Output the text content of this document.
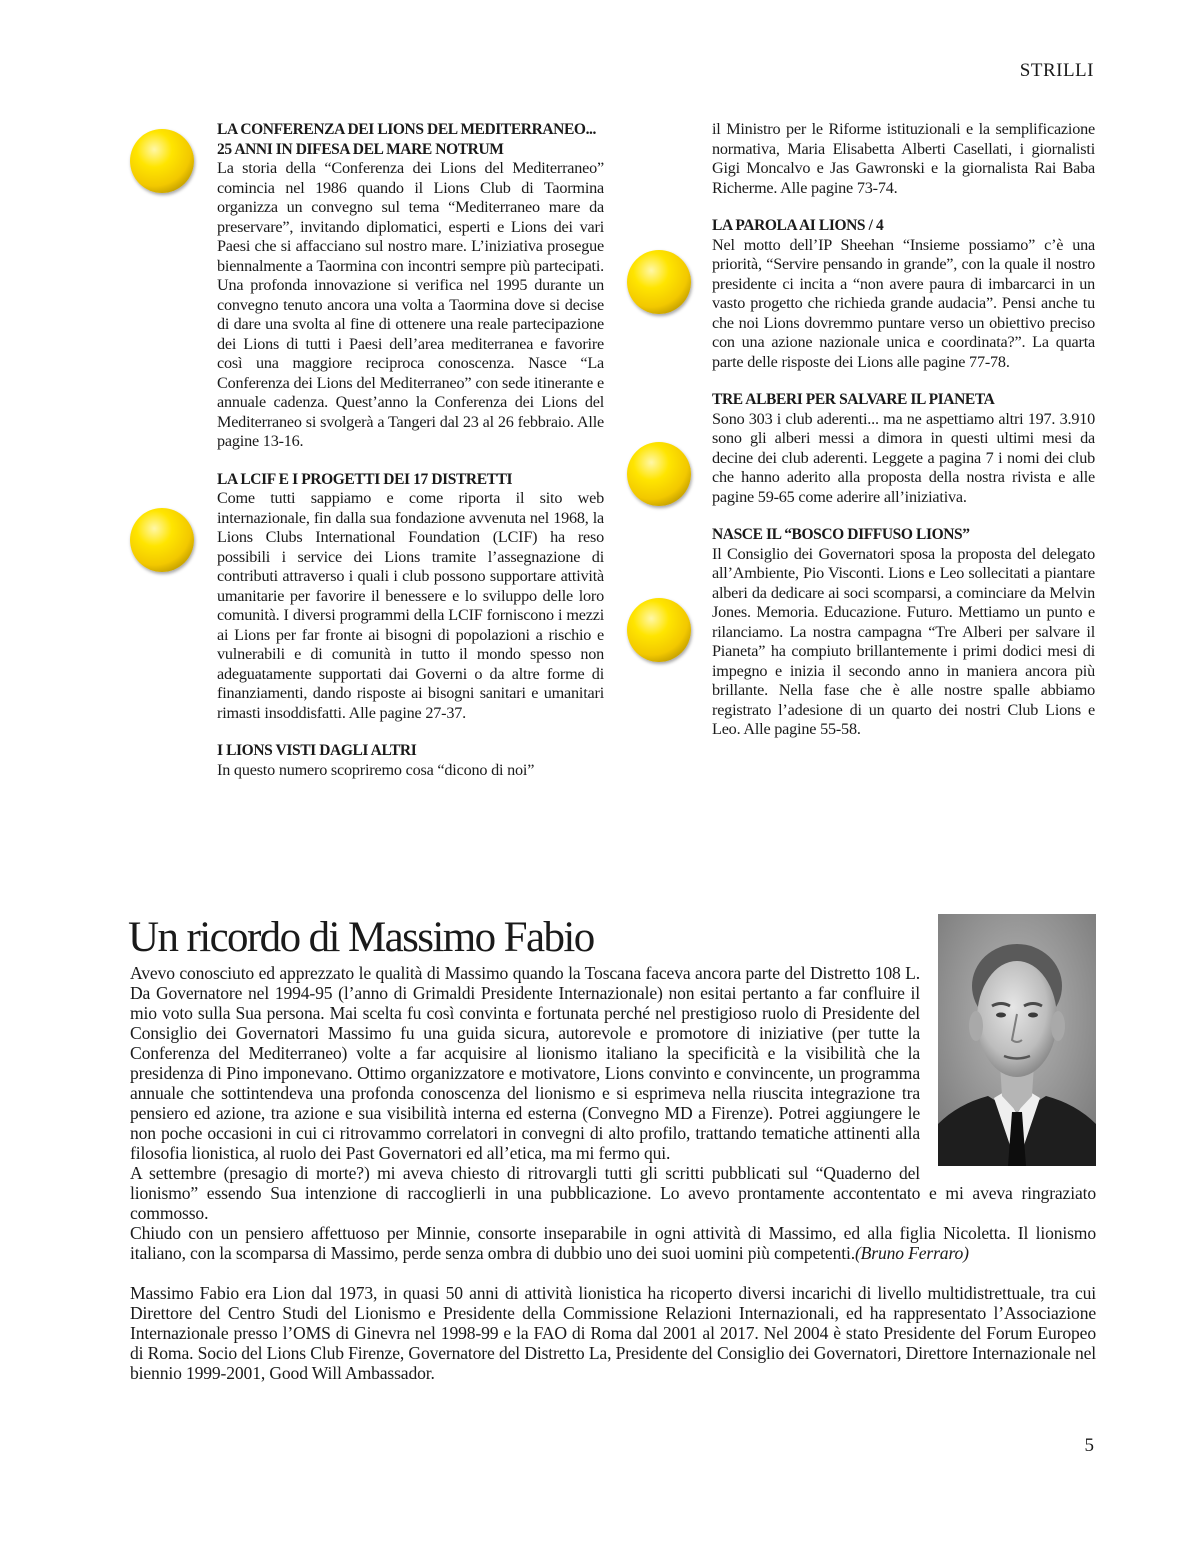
STRILLI
LA CONFERENZA DEI LIONS DEL MEDITERRANEO...
25 ANNI IN DIFESA DEL MARE NOTRUM

La storia della “Conferenza dei Lions del Mediterraneo” comincia nel 1986 quando il Lions Club di Taormina organizza un convegno sul tema “Mediterraneo mare da preservare”, invitando diplomatici, esperti e Lions dei vari Paesi che si affacciano sul nostro mare. L’iniziativa prosegue biennalmente a Taormina con incontri sempre più partecipati. Una profonda innovazione si verifica nel 1995 durante un convegno tenuto ancora una volta a Taormina dove si decise di dare una svolta al fine di ottenere una reale partecipazione dei Lions di tutti i Paesi dell’area mediterranea e favorire così una maggiore reciproca conoscenza. Nasce “La Conferenza dei Lions del Mediterraneo” con sede itinerante e annuale cadenza. Quest’anno la Conferenza dei Lions del Mediterraneo si svolgerà a Tangeri dal 23 al 26 febbraio. Alle pagine 13-16.

LA LCIF E I PROGETTI DEI 17 DISTRETTI

Come tutti sappiamo e come riporta il sito web internazionale, fin dalla sua fondazione avvenuta nel 1968, la Lions Clubs International Foundation (LCIF) ha reso possibili i service dei Lions tramite l’assegnazione di contributi attraverso i quali i club possono supportare attività umanitarie per favorire il benessere e lo sviluppo delle loro comunità. I diversi programmi della LCIF forniscono i mezzi ai Lions per far fronte ai bisogni di popolazioni a rischio e vulnerabili e di comunità in tutto il mondo spesso non adeguatamente supportati dai Governi o da altre forme di finanziamenti, dando risposte ai bisogni sanitari e umanitari rimasti insoddisfatti. Alle pagine 27-37.

I LIONS VISTI DAGLI ALTRI

In questo numero scopriremo cosa “dicono di noi”

il Ministro per le Riforme istituzionali e la semplificazione normativa, Maria Elisabetta Alberti Casellati, i giornalisti Gigi Moncalvo e Jas Gawronski e la giornalista Rai Baba Richerme. Alle pagine 73-74.

LA PAROLA AI LIONS / 4

Nel motto dell’IP Sheehan “Insieme possiamo” c’è una priorità, “Servire pensando in grande”, con la quale il nostro presidente ci incita a “non avere paura di imbarcarci in un vasto progetto che richieda grande audacia”. Pensi anche tu che noi Lions dovremmo puntare verso un obiettivo preciso con una azione nazionale unica e coordinata?”. La quarta parte delle risposte dei Lions alle pagine 77-78.

TRE ALBERI PER SALVARE IL PIANETA

Sono 303 i club aderenti... ma ne aspettiamo altri 197. 3.910 sono gli alberi messi a dimora in questi ultimi mesi da decine dei club aderenti. Leggete a pagina 7 i nomi dei club che hanno aderito alla proposta della nostra rivista e alle pagine 59-65 come aderire all’iniziativa.

NASCE IL “BOSCO DIFFUSO LIONS”

Il Consiglio dei Governatori sposa la proposta del delegato all’Ambiente, Pio Visconti. Lions e Leo sollecitati a piantare alberi da dedicare ai soci scomparsi, a cominciare da Melvin Jones. Memoria. Educazione. Futuro. Mettiamo un punto e rilanciamo. La nostra campagna “Tre Alberi per salvare il Pianeta” ha compiuto brillantemente i primi dodici mesi di impegno e inizia il secondo anno in maniera ancora più brillante. Nella fase che è alle nostre spalle abbiamo registrato l’adesione di un quarto dei nostri Club Lions e Leo. Alle pagine 55-58.

Un ricordo di Massimo Fabio

Avevo conosciuto ed apprezzato le qualità di Massimo quando la Toscana faceva ancora parte del Distretto 108 L. Da Governatore nel 1994-95 (l’anno di Grimaldi Presidente Internazionale) non esitai pertanto a far confluire il mio voto sulla Sua persona. Mai scelta fu così convinta e fortunata perché nel prestigioso ruolo di Presidente del Consiglio dei Governatori Massimo fu una guida sicura, autorevole e promotore di iniziative (per tutte la Conferenza del Mediterraneo) volte a far acquisire al lionismo italiano la specificità e la visibilità che la presidenza di Pino imponevano. Ottimo organizzatore e motivatore, Lions convinto e convincente, un programma annuale che sottintendeva una profonda conoscenza del lionismo e si esprimeva nella riuscita integrazione tra pensiero ed azione, tra azione e sua visibilità interna ed esterna (Convegno MD a Firenze). Potrei aggiungere le non poche occasioni in cui ci ritrovammo correlatori in convegni di alto profilo, trattando tematiche attinenti alla filosofia lionistica, al ruolo dei Past Governatori ed all’etica, ma mi fermo qui.

A settembre (presagio di morte?) mi aveva chiesto di ritrovargli tutti gli scritti pubblicati sul “Quaderno del lionismo” essendo Sua intenzione di raccoglierli in una pubblicazione. Lo avevo prontamente accontentato e mi aveva ringraziato commosso.

Chiudo con un pensiero affettuoso per Minnie, consorte inseparabile in ogni attività di Massimo, ed alla figlia Nicoletta. Il lionismo italiano, con la scomparsa di Massimo, perde senza ombra di dubbio uno dei suoi uomini più competenti.(Bruno Ferraro)

Massimo Fabio era Lion dal 1973, in quasi 50 anni di attività lionistica ha ricoperto diversi incarichi di livello multidistrettuale, tra cui Direttore del Centro Studi del Lionismo e Presidente della Commissione Relazioni Internazionali, ed ha rappresentato l’Associazione Internazionale presso l’OMS di Ginevra nel 1998-99 e la FAO di Roma dal 2001 al 2017. Nel 2004 è stato Presidente del Forum Europeo di Roma. Socio del Lions Club Firenze, Governatore del Distretto La, Presidente del Consiglio dei Governatori, Direttore Internazionale nel biennio 1999-2001, Good Will Ambassador.

5
